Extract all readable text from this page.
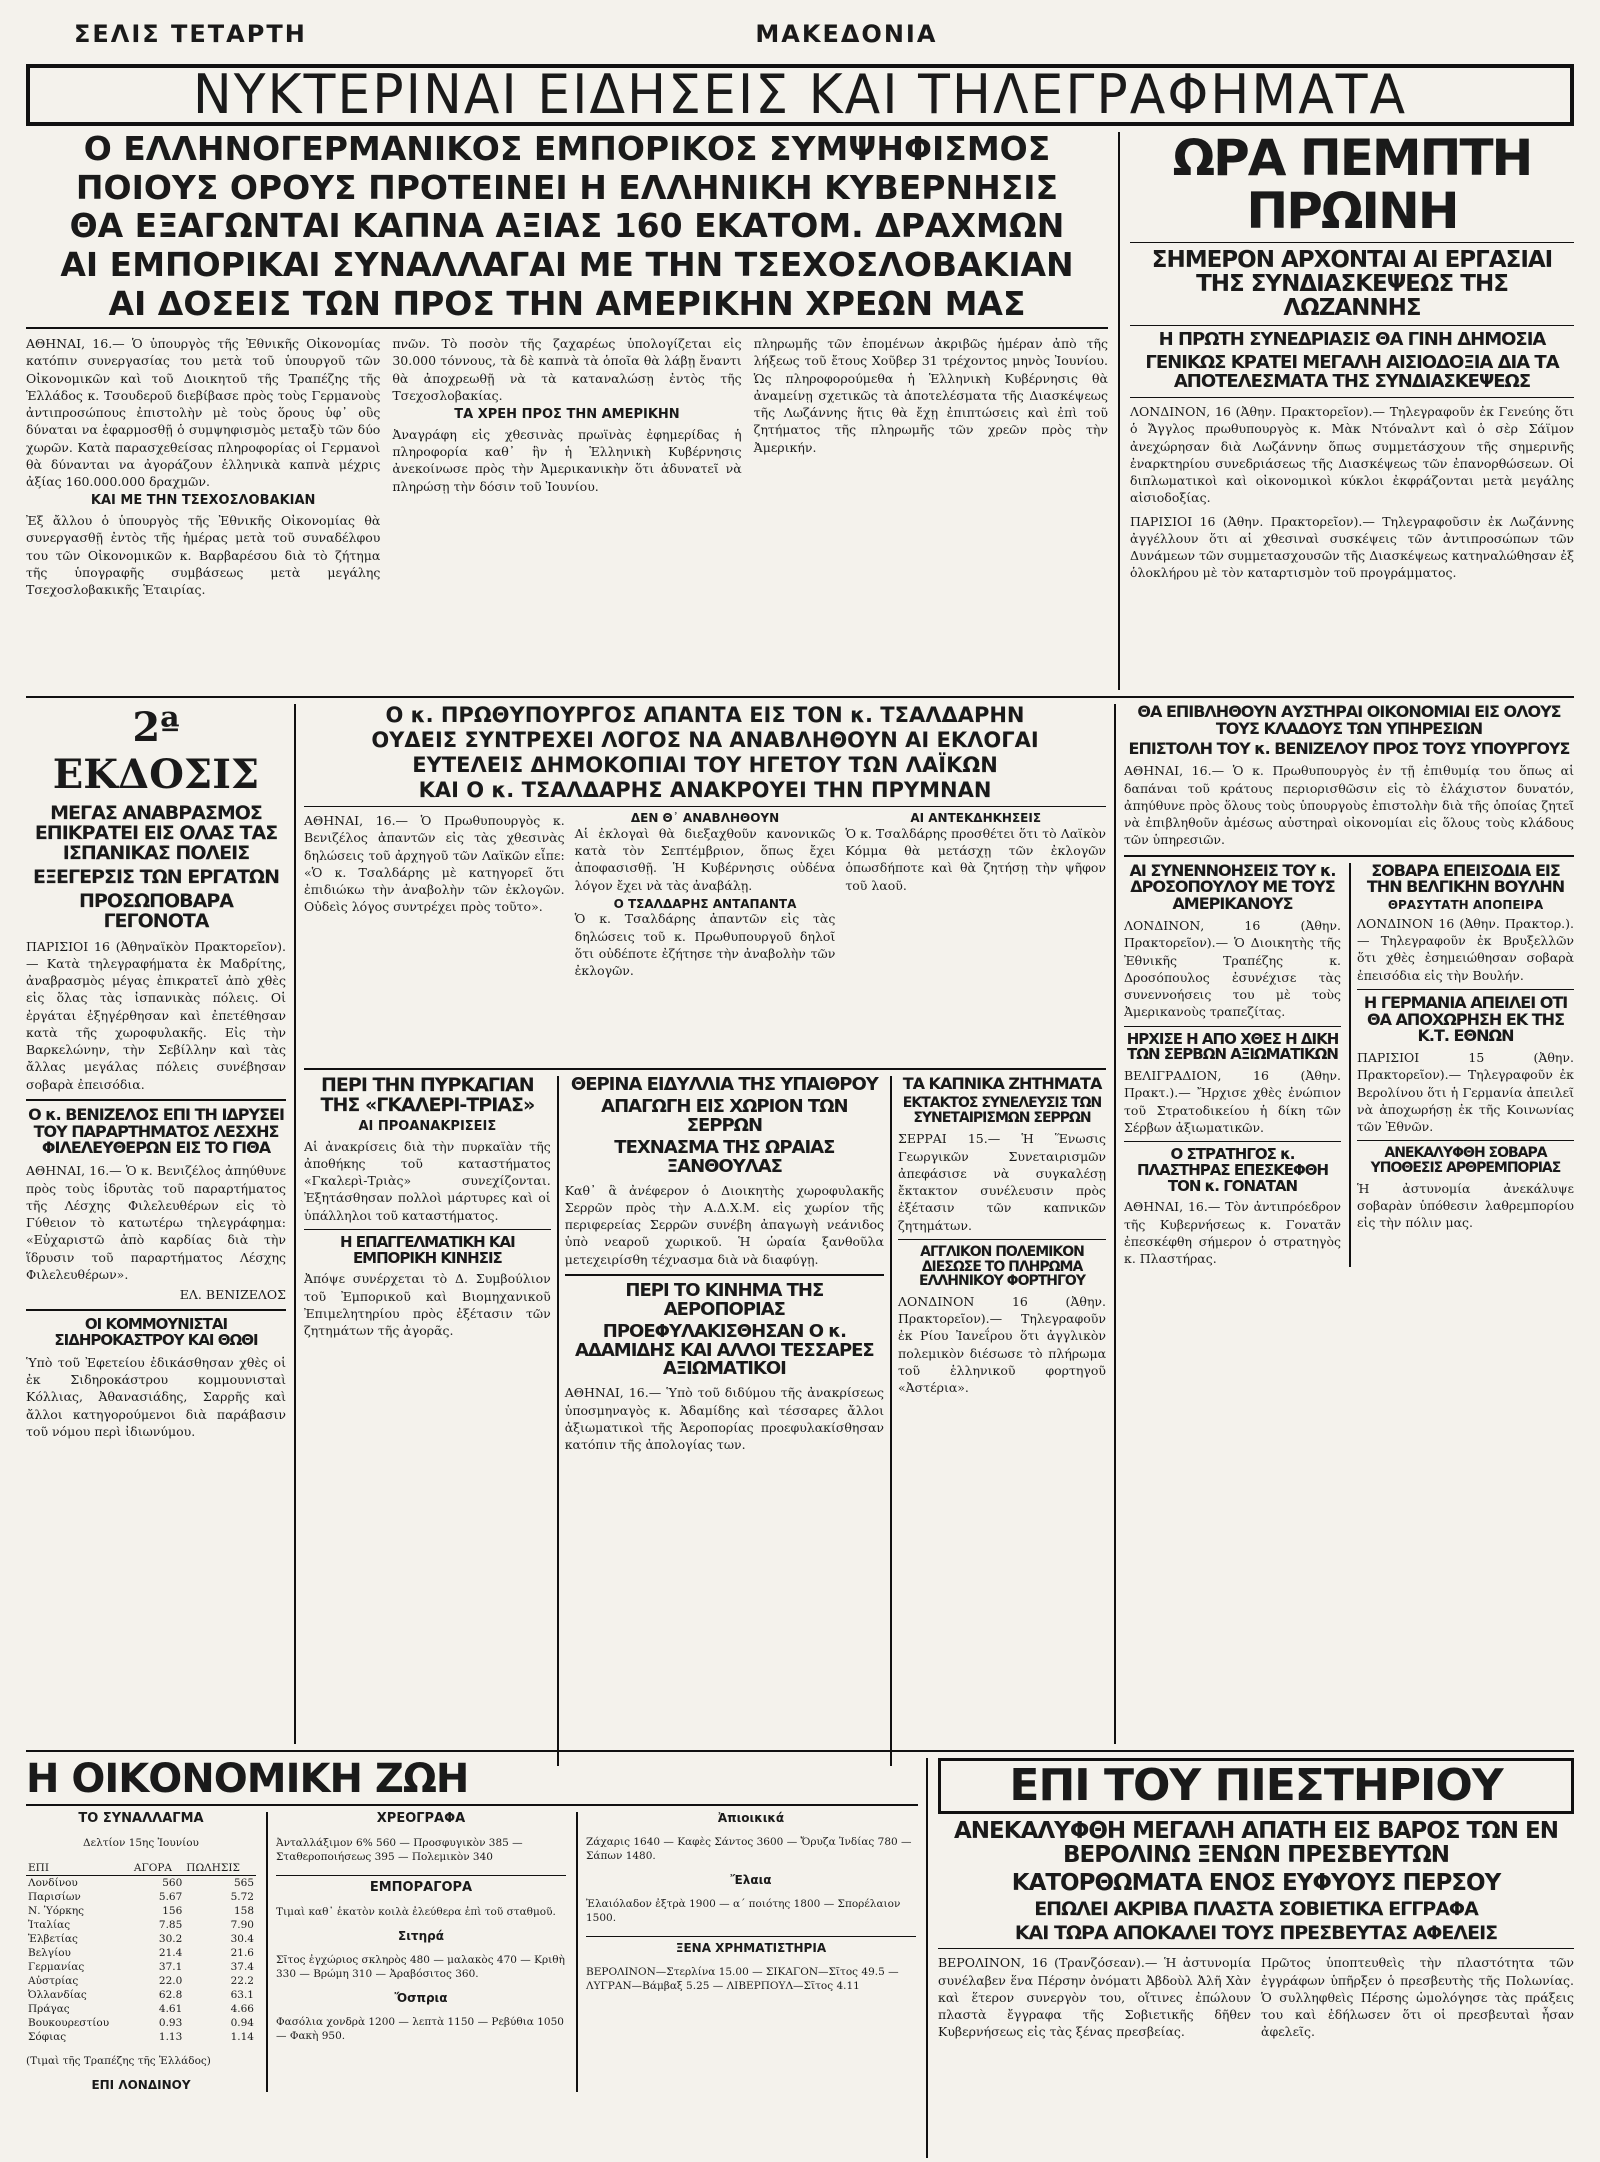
ΣΕΛΙΣ ΤΕΤΑΡΤΗ	ΜΑΚΕΔΟΝΙΑ
ΝΥΚΤΕΡΙΝΑΙ ΕΙΔΗΣΕΙΣ ΚΑΙ ΤΗΛΕΓΡΑΦΗΜΑΤΑ
Ο ΕΛΛΗΝΟΓΕΡΜΑΝΙΚΟΣ ΕΜΠΟΡΙΚΟΣ ΣΥΜΨΗΦΙΣΜΟΣ
ΠΟΙΟΥΣ ΟΡΟΥΣ ΠΡΟΤΕΙΝΕΙ Η ΕΛΛΗΝΙΚΗ ΚΥΒΕΡΝΗΣΙΣ
ΘΑ ΕΞΑΓΩΝΤΑΙ ΚΑΠΝΑ ΑΞΙΑΣ 160 ΕΚΑΤΟΜ. ΔΡΑΧΜΩΝ
ΑΙ ΕΜΠΟΡΙΚΑΙ ΣΥΝΑΛΛΑΓΑΙ ΜΕ ΤΗΝ ΤΣΕΧΟΣΛΟΒΑΚΙΑΝ
ΑΙ ΔΟΣΕΙΣ ΤΩΝ ΠΡΟΣ ΤΗΝ ΑΜΕΡΙΚΗΝ ΧΡΕΩΝ ΜΑΣ

ΑΘΗΝΑΙ, 16.— Ὁ ὑπουργὸς τῆς Ἐθνικῆς Οἰκονομίας κατόπιν συνεργασίας του μετὰ τοῦ ὑπουργοῦ τῶν Οἰκονομικῶν καὶ τοῦ Διοικητοῦ τῆς Τραπέζης τῆς Ἑλλάδος κ. Τσουδερoῦ διεβίβασε πρὸς τοὺς Γερμανοὺς ἀντιπροσώπους ἐπιστολὴν μὲ τοὺς ὅρους ὑφ᾽ οὓς δύναται να ἐφαρμοσθῇ ὁ συμψηφισμὸς μεταξὺ τῶν δύο χωρῶν. Κατὰ παρασχεθείσας πληροφορίας οἱ Γερμανοὶ θὰ δύνανται να ἀγοράζουν ἑλληνικὰ καπνὰ μέχρις ἀξίας 160.000.000 δραχμῶν.

ΚΑΙ ΜΕ ΤΗΝ ΤΣΕΧΟΣΛΟΒΑΚΙΑΝ

Ἐξ ἄλλου ὁ ὑπουργὸς τῆς Ἐθνικῆς Οἰκονομίας θὰ συνεργασθῇ ἐντὸς τῆς ἡμέρας μετὰ τοῦ συναδέλφου του τῶν Οἰκονομικῶν κ. Βαρβαρέσου διὰ τὸ ζήτημα τῆς ὑπογραφῆς συμβάσεως μετὰ μεγάλης Τσεχοσλοβακικῆς Ἑταιρίας.

πνῶν. Τὸ ποσὸν τῆς ζαχαρέως ὑπολογίζεται εἰς 30.000 τόννους, τὰ δὲ καπνὰ τὰ ὁποῖα θὰ λάβῃ ἔναντι θὰ ἀποχρεωθῇ νὰ τὰ καταναλώσῃ ἐντὸς τῆς Τσεχοσλοβακίας.

ΤΑ ΧΡΕΗ ΠΡΟΣ ΤΗΝ ΑΜΕΡΙΚΗΝ

Ἀναγράφη εἰς χθεσινὰς πρωϊνὰς ἐφημερίδας ἡ πληροφορία καθ᾽ ἣν ἡ Ἑλληνικὴ Κυβέρνησις ἀνεκοίνωσε πρὸς τὴν Ἀμερικανικὴν ὅτι ἀδυνατεῖ νὰ πληρώσῃ τὴν δόσιν τοῦ Ἰουνίου.

πληρωμῆς τῶν ἐπομένων ἀκριβῶς ἡμέραν ἀπὸ τῆς λήξεως τοῦ ἔτους Χοῦβερ 31 τρέχοντος μηνὸς Ἰουνίου. Ὡς πληροφορούμεθα ἡ Ἑλληνικὴ Κυβέρνησις θὰ ἀναμείνῃ σχετικῶς τὰ ἀποτελέσματα τῆς Διασκέψεως τῆς Λωζάννης ἥτις θὰ ἔχῃ ἐπιπτώσεις καὶ ἐπὶ τοῦ ζητήματος τῆς πληρωμῆς τῶν χρεῶν πρὸς τὴν Ἀμερικήν.

ΩΡΑ ΠΕΜΠΤΗ ΠΡΩΙΝΗ
ΣΗΜΕΡΟΝ ΑΡΧΟΝΤΑΙ ΑΙ ΕΡΓΑΣΙΑΙ ΤΗΣ ΣΥΝΔΙΑΣΚΕΨΕΩΣ ΤΗΣ ΛΩΖΑΝΝΗΣ
Η ΠΡΩΤΗ ΣΥΝΕΔΡΙΑΣΙΣ ΘΑ ΓΙΝΗ ΔΗΜΟΣΙΑ
ΓΕΝΙΚΩΣ ΚΡΑΤΕΙ ΜΕΓΑΛΗ ΑΙΣΙΟΔΟΞΙΑ ΔΙΑ ΤΑ ΑΠΟΤΕΛΕΣΜΑΤΑ ΤΗΣ ΣΥΝΔΙΑΣΚΕΨΕΩΣ

ΛΟΝΔΙΝΟΝ, 16 (Ἀθην. Πρακτορεῖον).— Τηλεγραφοῦν ἐκ Γενεύης ὅτι ὁ Ἄγγλος πρωθυπουργὸς κ. Μὰκ Ντόναλντ καὶ ὁ σὲρ Σάϊμον ἀνεχώρησαν διὰ Λωζάννην ὅπως συμμετάσχουν τῆς σημερινῆς ἐναρκτηρίου συνεδριάσεως τῆς Διασκέψεως τῶν ἐπανορθώσεων. Οἱ διπλωματικοὶ καὶ οἰκονομικοὶ κύκλοι ἐκφράζονται μετὰ μεγάλης αἰσιοδοξίας.

ΠΑΡΙΣΙΟΙ 16 (Ἀθην. Πρακτορεῖον).— Τηλεγραφοῦσιν ἐκ Λωζάννης ἀγγέλλουν ὅτι αἱ χθεσιναὶ συσκέψεις τῶν ἀντιπροσώπων τῶν Δυνάμεων τῶν συμμετασχουσῶν τῆς Διασκέψεως κατηναλώθησαν ἐξ ὁλοκλήρου μὲ τὸν καταρτισμὸν τοῦ προγράμματος.

2ª ΕΚΔΟΣΙΣ
ΜΕΓΑΣ ΑΝΑΒΡΑΣΜΟΣ ΕΠΙΚΡΑΤΕΙ ΕΙΣ ΟΛΑΣ ΤΑΣ ΙΣΠΑΝΙΚΑΣ ΠΟΛΕΙΣ
ΕΞΕΓΕΡΣΙΣ ΤΩΝ ΕΡΓΑΤΩΝ
ΠΡΟΣΩΠΟΒΑΡΑ ΓΕΓΟΝΟΤΑ

ΠΑΡΙΣΙΟΙ 16 (Ἀθηναϊκὸν Πρακτορεῖον).— Κατὰ τηλεγραφήματα ἐκ Μαδρίτης, ἀναβρασμὸς μέγας ἐπικρατεῖ ἀπὸ χθὲς εἰς ὅλας τὰς ἰσπανικὰς πόλεις. Οἱ ἐργάται ἐξηγέρθησαν καὶ ἐπετέθησαν κατὰ τῆς χωροφυλακῆς. Εἰς τὴν Βαρκελώνην, τὴν Σεβίλλην καὶ τὰς ἄλλας μεγάλας πόλεις συνέβησαν σοβαρὰ ἐπεισόδια.

Ο κ. ΒΕΝΙΖΕΛΟΣ ΕΠΙ ΤΗ ΙΔΡΥΣΕΙ ΤΟΥ ΠΑΡΑΡΤΗΜΑΤΟΣ ΛΕΣΧΗΣ ΦΙΛΕΛΕΥΘΕΡΩΝ ΕΙΣ ΤΟ ΓΙΘΑ

ΑΘΗΝΑΙ, 16.— Ὁ κ. Βενιζέλος ἀπηύθυνε πρὸς τοὺς ἱδρυτὰς τοῦ παραρτήματος τῆς Λέσχης Φιλελευθέρων εἰς τὸ Γύθειον τὸ κατωτέρω τηλεγράφημα: «Εὐχαριστῶ ἀπὸ καρδίας διὰ τὴν ἵδρυσιν τοῦ παραρτήματος Λέσχης Φιλελευθέρων».

ΕΛ. ΒΕΝΙΖΕΛΟΣ

ΟΙ ΚΟΜΜΟΥΝΙΣΤΑΙ ΣΙΔΗΡΟΚΑΣΤΡΟΥ ΚΑΙ ΘΩΘΙ

Ὑπὸ τοῦ Ἐφετείου ἐδικάσθησαν χθὲς οἱ ἐκ Σιδηροκάστρου κομμουνισταὶ Κόλλιας, Ἀθανασιάδης, Σαρρῆς καὶ ἄλλοι κατηγορούμενοι διὰ παράβασιν τοῦ νόμου περὶ ἰδιωνύμου.

Ο κ. ΠΡΩΘΥΠΟΥΡΓΟΣ ΑΠΑΝΤΑ ΕΙΣ ΤΟΝ κ. ΤΣΑΛΔΑΡΗΝ
ΟΥΔΕΙΣ ΣΥΝΤΡΕΧΕΙ ΛΟΓΟΣ ΝΑ ΑΝΑΒΛΗΘΟΥΝ ΑΙ ΕΚΛΟΓΑΙ
ΕΥΤΕΛΕΙΣ ΔΗΜΟΚΟΠΙΑΙ ΤΟΥ ΗΓΕΤΟΥ ΤΩΝ ΛΑΪΚΩΝ
ΚΑΙ Ο κ. ΤΣΑΛΔΑΡΗΣ ΑΝΑΚΡΟΥΕΙ ΤΗΝ ΠΡΥΜΝΑΝ

ΑΘΗΝΑΙ, 16.— Ὁ Πρωθυπουργὸς κ. Βενιζέλος ἀπαντῶν εἰς τὰς χθεσινὰς δηλώσεις τοῦ ἀρχηγοῦ τῶν Λαϊκῶν εἶπε: «Ὁ κ. Τσαλδάρης μὲ κατηγορεῖ ὅτι ἐπιδιώκω τὴν ἀναβολὴν τῶν ἐκλογῶν. Οὐδεὶς λόγος συντρέχει πρὸς τοῦτο».

ΔΕΝ Θ᾽ ΑΝΑΒΛΗΘΟΥΝ

Αἱ ἐκλογαὶ θὰ διεξαχθοῦν κανονικῶς κατὰ τὸν Σεπτέμβριον, ὅπως ἔχει ἀποφασισθῇ. Ἡ Κυβέρνησις οὐδένα λόγον ἔχει νὰ τὰς ἀναβάλῃ.

Ο ΤΣΑΛΔΑΡΗΣ ΑΝΤΑΠΑΝΤΑ

Ὁ κ. Τσαλδάρης ἀπαντῶν εἰς τὰς δηλώσεις τοῦ κ. Πρωθυπουργοῦ δηλοῖ ὅτι οὐδέποτε ἐζήτησε τὴν ἀναβολὴν τῶν ἐκλογῶν.

ΑΙ ΑΝΤΕΚΔΗΚΗΣΕΙΣ

Ὁ κ. Τσαλδάρης προσθέτει ὅτι τὸ Λαϊκὸν Κόμμα θὰ μετάσχῃ τῶν ἐκλογῶν ὁπωσδήποτε καὶ θὰ ζητήσῃ τὴν ψῆφον τοῦ λαοῦ.

ΠΕΡΙ ΤΗΝ ΠΥΡΚΑΓΙΑΝ ΤΗΣ «ΓΚΑΛΕΡΙ-ΤΡΙΑΣ»

ΑΙ ΠΡΟΑΝΑΚΡΙΣΕΙΣ

Αἱ ἀνακρίσεις διὰ τὴν πυρκαϊὰν τῆς ἀποθήκης τοῦ καταστήματος «Γκαλερὶ-Τριὰς» συνεχίζονται. Ἐξητάσθησαν πολλοὶ μάρτυρες καὶ οἱ ὑπάλληλοι τοῦ καταστήματος.

Η ΕΠΑΓΓΕΛΜΑΤΙΚΗ ΚΑΙ ΕΜΠΟΡΙΚΗ ΚΙΝΗΣΙΣ

Ἀπόψε συνέρχεται τὸ Δ. Συμβούλιον τοῦ Ἐμπορικοῦ καὶ Βιομηχανικοῦ Ἐπιμελητηρίου πρὸς ἐξέτασιν τῶν ζητημάτων τῆς ἀγορᾶς.

ΘΕΡΙΝΑ ΕΙΔΥΛΛΙΑ ΤΗΣ ΥΠΑΙΘΡΟΥ
ΑΠΑΓΩΓΗ ΕΙΣ ΧΩΡΙΟΝ ΤΩΝ ΣΕΡΡΩΝ
ΤΕΧΝΑΣΜΑ ΤΗΣ ΩΡΑΙΑΣ ΞΑΝΘΟΥΛΑΣ

Καθ᾽ ἃ ἀνέφερον ὁ Διοικητὴς χωροφυλακῆς Σερρῶν πρὸς τὴν Α.Δ.Χ.Μ. εἰς χωρίον τῆς περιφερείας Σερρῶν συνέβη ἀπαγωγὴ νεάνιδος ὑπὸ νεαροῦ χωρικοῦ. Ἡ ὡραία ξανθοῦλα μετεχειρίσθη τέχνασμα διὰ νὰ διαφύγῃ.

ΠΕΡΙ ΤΟ ΚΙΝΗΜΑ ΤΗΣ ΑΕΡΟΠΟΡΙΑΣ
ΠΡΟΕΦΥΛΑΚΙΣΘΗΣΑΝ Ο κ. ΑΔΑΜΙΔΗΣ ΚΑΙ ΑΛΛΟΙ ΤΕΣΣΑΡΕΣ ΑΞΙΩΜΑΤΙΚΟΙ

ΑΘΗΝΑΙ, 16.— Ὑπὸ τοῦ διδύμου τῆς ἀνακρίσεως ὑποσμηναγὸς κ. Ἀδαμίδης καὶ τέσσαρες ἄλλοι ἀξιωματικοὶ τῆς Ἀεροπορίας προεφυλακίσθησαν κατόπιν τῆς ἀπολογίας των.

ΤΑ ΚΑΠΝΙΚΑ ΖΗΤΗΜΑΤΑ
ΕΚΤΑΚΤΟΣ ΣΥΝΕΛΕΥΣΙΣ ΤΩΝ ΣΥΝΕΤΑΙΡΙΣΜΩΝ ΣΕΡΡΩΝ

ΣΕΡΡΑΙ 15.— Ἡ Ἕνωσις Γεωργικῶν Συνεταιρισμῶν ἀπεφάσισε νὰ συγκαλέσῃ ἔκτακτον συνέλευσιν πρὸς ἐξέτασιν τῶν καπνικῶν ζητημάτων.

ΑΓΓΛΙΚΟΝ ΠΟΛΕΜΙΚΟΝ ΔΙΕΣΩΣΕ ΤΟ ΠΛΗΡΩΜΑ ΕΛΛΗΝΙΚΟΥ ΦΟΡΤΗΓΟΥ

ΛΟΝΔΙΝΟΝ 16 (Ἀθην. Πρακτορεῖον).— Τηλεγραφοῦν ἐκ Ρίου Ἰανεΐρου ὅτι ἀγγλικὸν πολεμικὸν διέσωσε τὸ πλήρωμα τοῦ ἑλληνικοῦ φορτηγοῦ «Ἀστέρια».

ΘΑ ΕΠΙΒΛΗΘΟΥΝ ΑΥΣΤΗΡΑΙ ΟΙΚΟΝΟΜΙΑΙ ΕΙΣ ΟΛΟΥΣ ΤΟΥΣ ΚΛΑΔΟΥΣ ΤΩΝ ΥΠΗΡΕΣΙΩΝ
ΕΠΙΣΤΟΛΗ ΤΟΥ κ. ΒΕΝΙΖΕΛΟΥ ΠΡΟΣ ΤΟΥΣ ΥΠΟΥΡΓΟΥΣ

ΑΘΗΝΑΙ, 16.— Ὁ κ. Πρωθυπουργὸς ἐν τῇ ἐπιθυμίᾳ του ὅπως αἱ δαπάναι τοῦ κράτους περιορισθῶσιν εἰς τὸ ἐλάχιστον δυνατόν, ἀπηύθυνε πρὸς ὅλους τοὺς ὑπουργοὺς ἐπιστολὴν διὰ τῆς ὁποίας ζητεῖ νὰ ἐπιβληθοῦν ἀμέσως αὐστηραὶ οἰκονομίαι εἰς ὅλους τοὺς κλάδους τῶν ὑπηρεσιῶν.

ΑΙ ΣΥΝΕΝΝΟΗΣΕΙΣ ΤΟΥ κ. ΔΡΟΣΟΠΟΥΛΟΥ ΜΕ ΤΟΥΣ ΑΜΕΡΙΚΑΝΟΥΣ

ΛΟΝΔΙΝΟΝ, 16 (Ἀθην. Πρακτορεῖον).— Ὁ Διοικητὴς τῆς Ἐθνικῆς Τραπέζης κ. Δροσόπουλος ἐσυνέχισε τὰς συνεννοήσεις του μὲ τοὺς Ἀμερικανοὺς τραπεζίτας.

ΗΡΧΙΣΕ Η ΑΠΟ ΧΘΕΣ Η ΔΙΚΗ ΤΩΝ ΣΕΡΒΩΝ ΑΞΙΩΜΑΤΙΚΩΝ

ΒΕΛΙΓΡΑΔΙΟΝ, 16 (Ἀθην. Πρακτ.).— Ἤρχισε χθὲς ἐνώπιον τοῦ Στρατοδικείου ἡ δίκη τῶν Σέρβων ἀξιωματικῶν.

Ο ΣΤΡΑΤΗΓΟΣ κ. ΠΛΑΣΤΗΡΑΣ ΕΠΕΣΚΕΦΘΗ ΤΟΝ κ. ΓΟΝΑΤΑΝ

ΑΘΗΝΑΙ, 16.— Τὸν ἀντιπρόεδρον τῆς Κυβερνήσεως κ. Γονατᾶν ἐπεσκέφθη σήμερον ὁ στρατηγὸς κ. Πλαστήρας.

ΣΟΒΑΡΑ ΕΠΕΙΣΟΔΙΑ ΕΙΣ ΤΗΝ ΒΕΛΓΙΚΗΝ ΒΟΥΛΗΝ

ΘΡΑΣΥΤΑΤΗ ΑΠΟΠΕΙΡΑ

ΛΟΝΔΙΝΟΝ 16 (Ἀθην. Πρακτορ.).— Τηλεγραφοῦν ἐκ Βρυξελλῶν ὅτι χθὲς ἐσημειώθησαν σοβαρὰ ἐπεισόδια εἰς τὴν Βουλήν.

Η ΓΕΡΜΑΝΙΑ ΑΠΕΙΛΕΙ ΟΤΙ ΘΑ ΑΠΟΧΩΡΗΣΗ ΕΚ ΤΗΣ Κ.Τ. ΕΘΝΩΝ

ΠΑΡΙΣΙΟΙ 15 (Ἀθην. Πρακτορεῖον).— Τηλεγραφοῦν ἐκ Βερολίνου ὅτι ἡ Γερμανία ἀπειλεῖ νὰ ἀποχωρήσῃ ἐκ τῆς Κοινωνίας τῶν Ἐθνῶν.

ΑΝΕΚΑΛΥΦΘΗ ΣΟΒΑΡΑ ΥΠΟΘΕΣΙΣ ΑΡΘΡΕΜΠΟΡΙΑΣ

Ἡ ἀστυνομία ἀνεκάλυψε σοβαρὰν ὑπόθεσιν λαθρεμπορίου εἰς τὴν πόλιν μας.

Η ΟΙΚΟΝΟΜΙΚΗ ΖΩΗ

ΤΟ ΣΥΝΑΛΛΑΓΜΑ

Δελτίον 15ης Ἰουνίου

ΕΠΙ	ΑΓΟΡΑ	ΠΩΛΗΣΙΣ
Λονδίνου	560	565
Παρισίων	5.67	5.72
Ν. Ὑόρκης	156	158
Ἰταλίας	7.85	7.90
Ἑλβετίας	30.2	30.4
Βελγίου	21.4	21.6
Γερμανίας	37.1	37.4
Αὐστρίας	22.0	22.2
Ὀλλανδίας	62.8	63.1
Πράγας	4.61	4.66
Βουκουρεστίου	0.93	0.94
Σόφιας	1.13	1.14

(Τιμαὶ τῆς Τραπέζης τῆς Ἑλλάδος)

ΕΠΙ ΛΟΝΔΙΝΟΥ

ΧΡΕΟΓΡΑΦΑ

Ἀνταλλάξιμον 6% 560 — Προσφυγικὸν 385 — Σταθεροποιήσεως 395 — Πολεμικὸν 340

ΕΜΠΟΡΑΓΟΡΑ

Τιμαὶ καθ᾽ ἑκατὸν κοιλὰ ἐλεύθερα ἐπὶ τοῦ σταθμοῦ.

Σιτηρά

Σῖτος ἐγχώριος σκληρὸς 480 — μαλακὸς 470 — Κριθὴ 330 — Βρώμη 310 — Ἀραβόσιτος 360.

Ὄσπρια

Φασόλια χονδρὰ 1200 — λεπτὰ 1150 — Ρεβύθια 1050 — Φακὴ 950.

Ἀπιοικικά

Ζάχαρις 1640 — Καφὲς Σάντος 3600 — Ὄρυζα Ἰνδίας 780 — Σάπων 1480.

Ἔλαια

Ἐλαιόλαδον ἐξτρὰ 1900 — α΄ ποιότης 1800 — Σπορέλαιον 1500.

ΞΕΝΑ ΧΡΗΜΑΤΙΣΤΗΡΙΑ

ΒΕΡΟΛΙΝΟΝ—Στερλίνα 15.00 — ΣΙΚΑΓΟΝ—Σῖτος 49.5 — ΛΥΓΡΑΝ—Βάμβαξ 5.25 — ΛΙΒΕΡΠΟΥΛ—Σῖτος 4.11

ΕΠΙ ΤΟΥ ΠΙΕΣΤΗΡΙΟΥ
ΑΝΕΚΑΛΥΦΘΗ ΜΕΓΑΛΗ ΑΠΑΤΗ ΕΙΣ ΒΑΡΟΣ ΤΩΝ ΕΝ ΒΕΡΟΛΙΝΩ ΞΕΝΩΝ ΠΡΕΣΒΕΥΤΩΝ
ΚΑΤΟΡΘΩΜΑΤΑ ΕΝΟΣ ΕΥΦΥΟΥΣ ΠΕΡΣΟΥ
ΕΠΩΛΕΙ ΑΚΡΙΒΑ ΠΛΑΣΤΑ ΣΟΒΙΕΤΙΚΑ ΕΓΓΡΑΦΑ
ΚΑΙ ΤΩΡΑ ΑΠΟΚΑΛΕΙ ΤΟΥΣ ΠΡΕΣΒΕΥΤΑΣ ΑΦΕΛΕΙΣ

ΒΕΡΟΛΙΝΟΝ, 16 (Τρανζόσεαν).— Ἡ ἀστυνομία συνέλαβεν ἕνα Πέρσην ὀνόματι Ἀβδοὺλ Ἀλῆ Χὰν καὶ ἕτερον συνεργὸν του, οἵτινες ἐπώλουν πλαστὰ ἔγγραφα τῆς Σοβιετικῆς δῆθεν Κυβερνήσεως εἰς τὰς ξένας πρεσβείας.

Πρῶτος ὑποπτευθεὶς τὴν πλαστότητα τῶν ἐγγράφων ὑπῆρξεν ὁ πρεσβευτὴς τῆς Πολωνίας. Ὁ συλληφθεὶς Πέρσης ὡμολόγησε τὰς πράξεις του καὶ ἐδήλωσεν ὅτι οἱ πρεσβευταὶ ἦσαν ἀφελεῖς.
